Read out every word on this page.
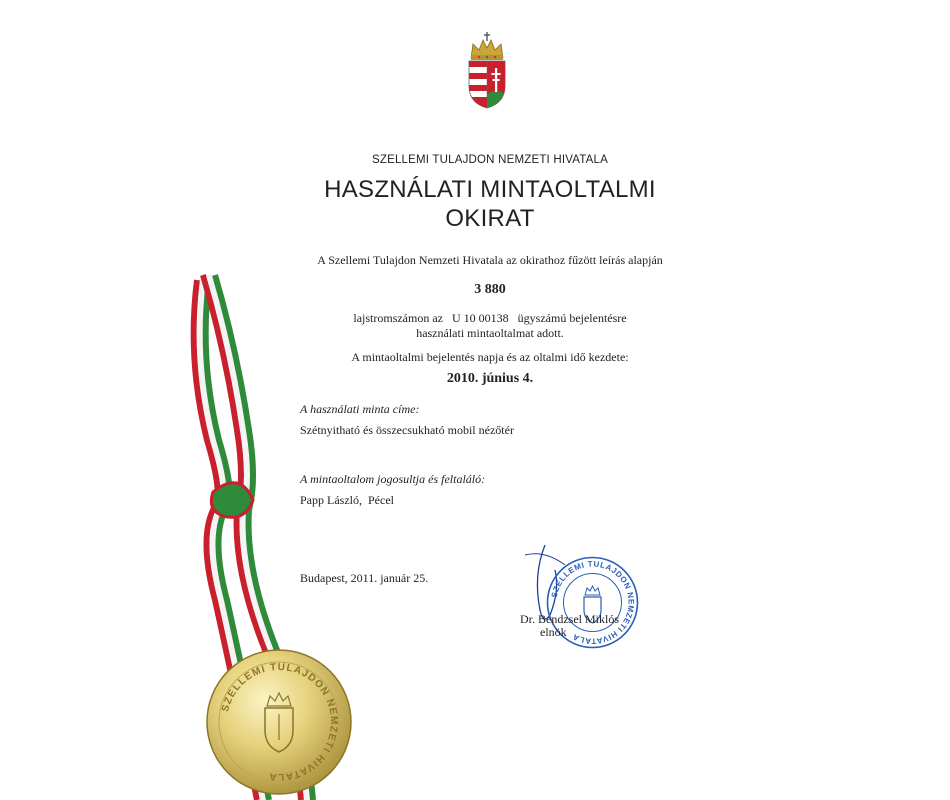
SZELLEMI TULAJDON NEMZETI HIVATALA
HASZNÁLATI MINTAOLTALMI
OKIRAT
A Szellemi Tulajdon Nemzeti Hivatala az okirathoz fűzött leírás alapján
3 880
lajstromszámon az   U 10 00138   ügyszámú bejelentésre
használati mintaoltalmat adott.
A mintaoltalmi bejelentés napja és az oltalmi idő kezdete:
2010. június 4.
A használati minta címe:
Szétnyitható és összecsukható mobil nézőtér
A mintaoltalom jogosultja és feltaláló:
Papp László,  Pécel
Budapest, 2011. január 25.
SZELLEMI TULAJDON NEMZETI HIVATALA
SZELLEMI TULAJDON NEMZETI HIVATALA
Dr. Bendzsel Miklós
elnök
